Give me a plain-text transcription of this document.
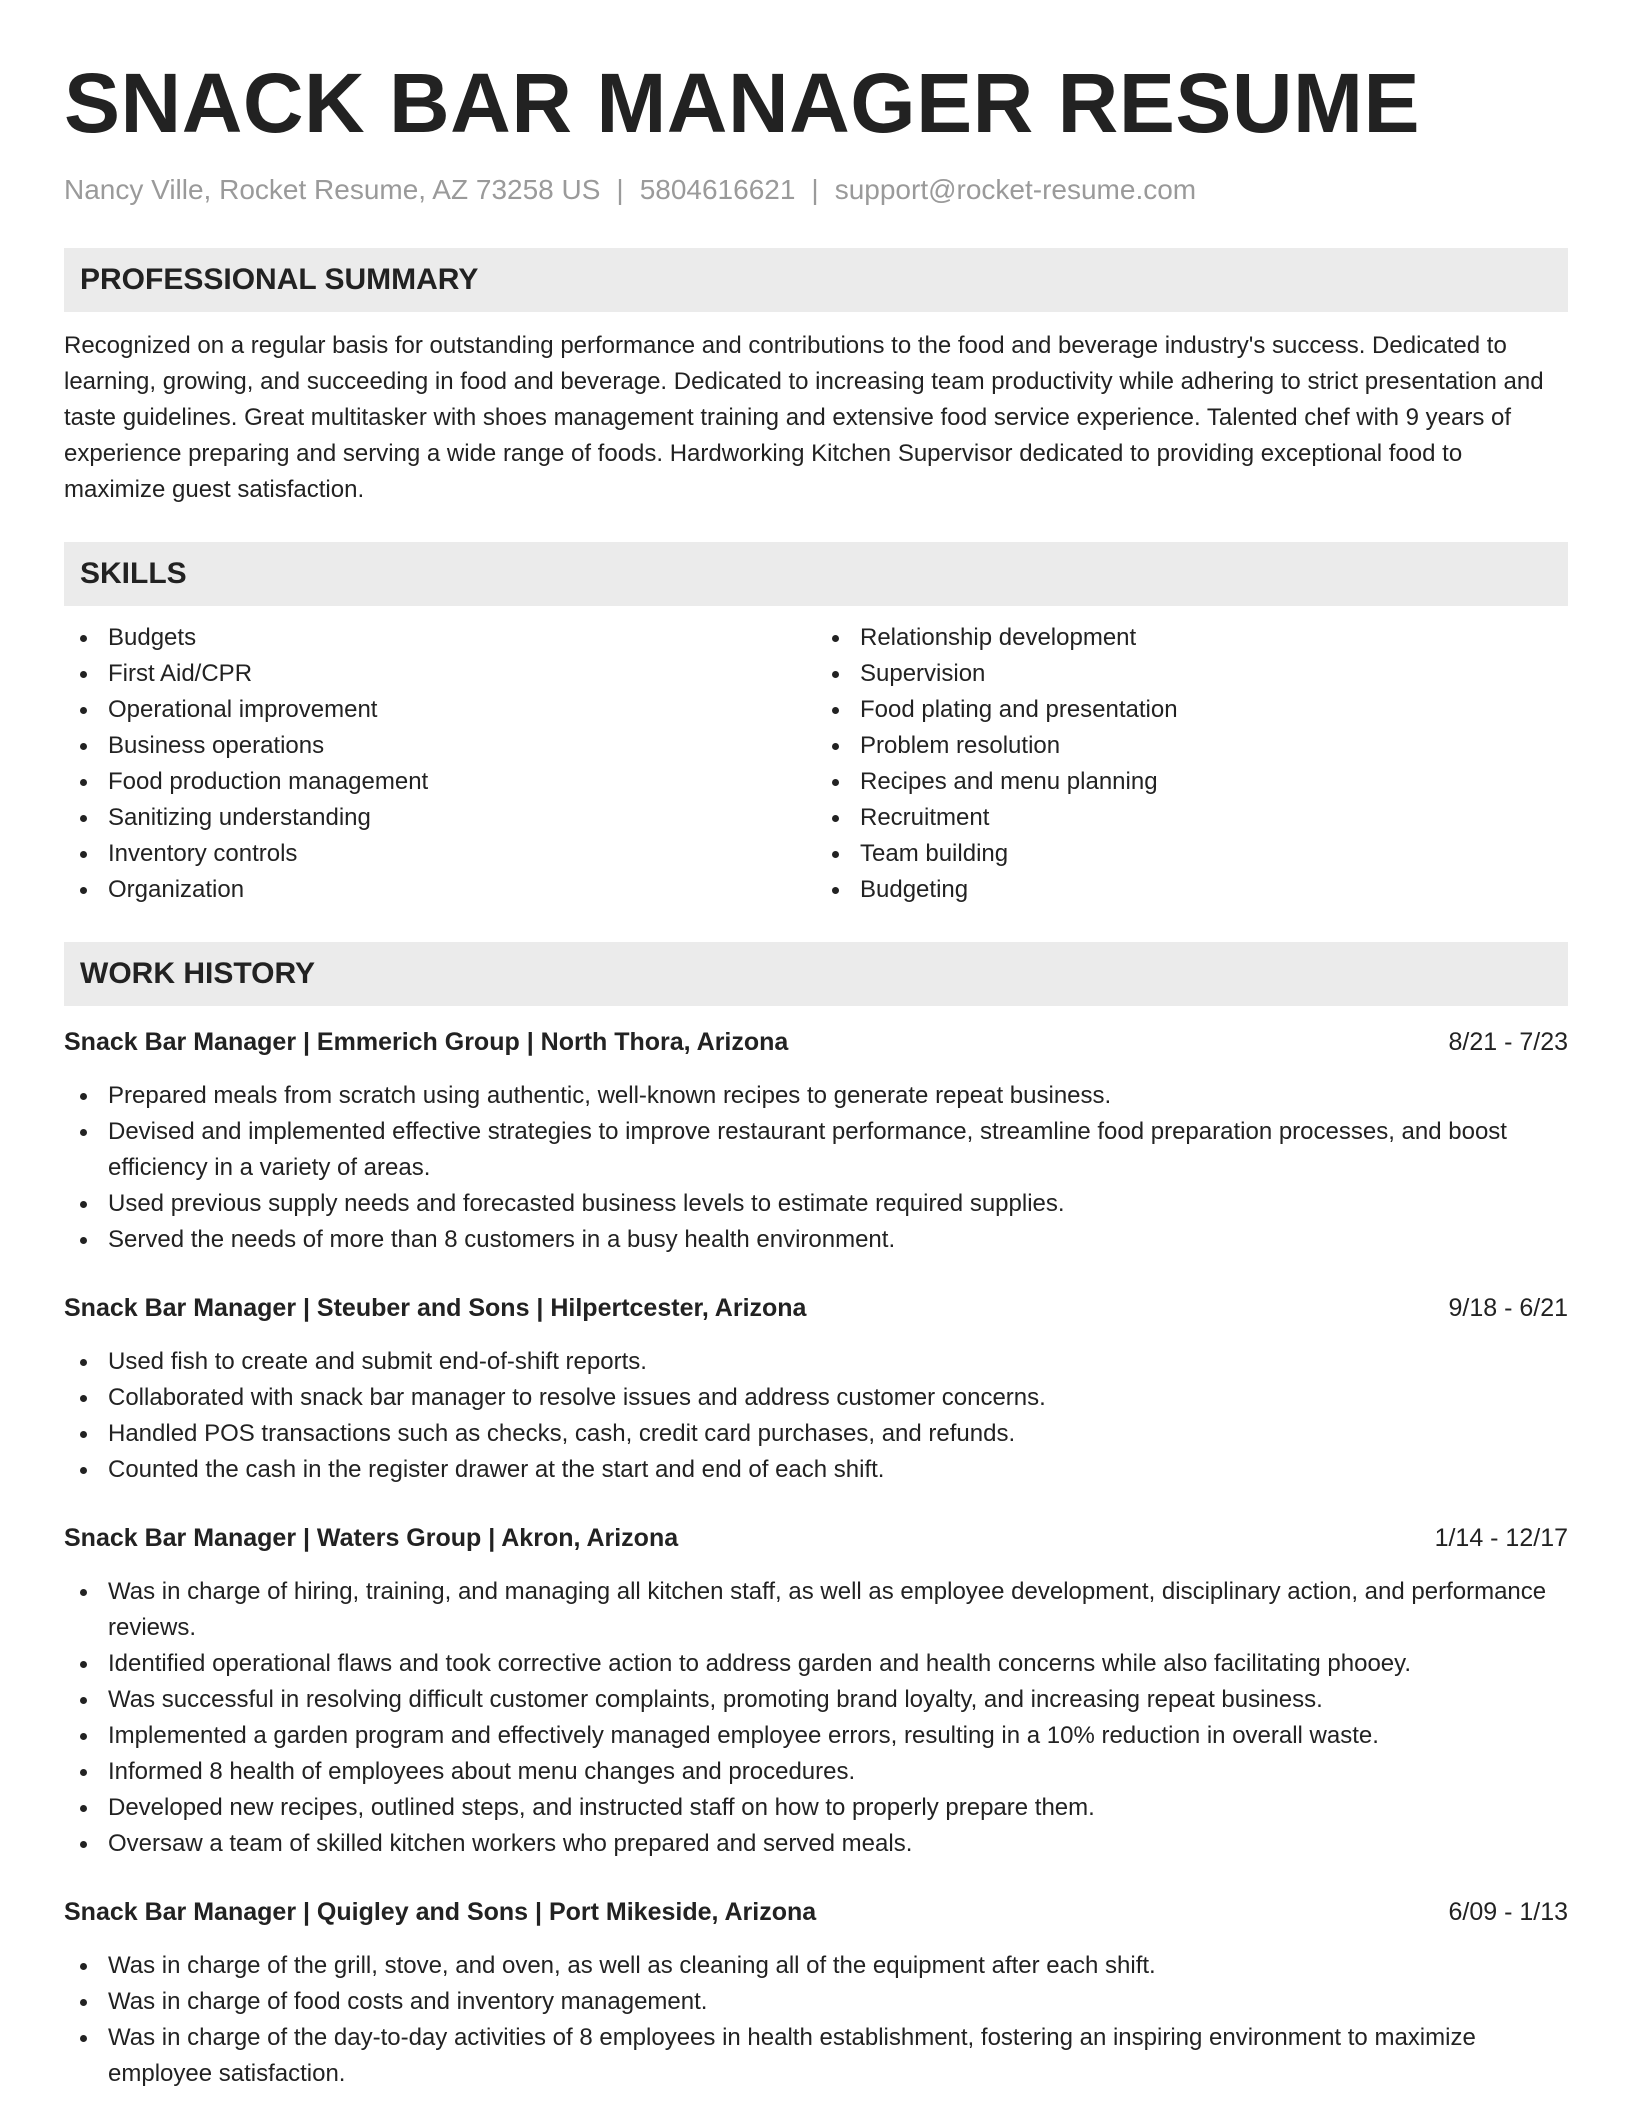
SNACK BAR MANAGER RESUME
Nancy Ville, Rocket Resume, AZ 73258 US | 5804616621 | support@rocket-resume.com
PROFESSIONAL SUMMARY

Recognized on a regular basis for outstanding performance and contributions to the food and beverage industry's success. Dedicated to learning, growing, and succeeding in food and beverage. Dedicated to increasing team productivity while adhering to strict presentation and taste guidelines. Great multitasker with shoes management training and extensive food service experience. Talented chef with 9 years of experience preparing and serving a wide range of foods. Hardworking Kitchen Supervisor dedicated to providing exceptional food to maximize guest satisfaction.

SKILLS
Budgets
First Aid/CPR
Operational improvement
Business operations
Food production management
Sanitizing understanding
Inventory controls
Organization
Relationship development
Supervision
Food plating and presentation
Problem resolution
Recipes and menu planning
Recruitment
Team building
Budgeting
WORK HISTORY
Snack Bar Manager | Emmerich Group | North Thora, Arizona	8/21 - 7/23
Prepared meals from scratch using authentic, well-known recipes to generate repeat business.
Devised and implemented effective strategies to improve restaurant performance, streamline food preparation processes, and boost efficiency in a variety of areas.
Used previous supply needs and forecasted business levels to estimate required supplies.
Served the needs of more than 8 customers in a busy health environment.
Snack Bar Manager | Steuber and Sons | Hilpertcester, Arizona	9/18 - 6/21
Used fish to create and submit end-of-shift reports.
Collaborated with snack bar manager to resolve issues and address customer concerns.
Handled POS transactions such as checks, cash, credit card purchases, and refunds.
Counted the cash in the register drawer at the start and end of each shift.
Snack Bar Manager | Waters Group | Akron, Arizona	1/14 - 12/17
Was in charge of hiring, training, and managing all kitchen staff, as well as employee development, disciplinary action, and performance reviews.
Identified operational flaws and took corrective action to address garden and health concerns while also facilitating phooey.
Was successful in resolving difficult customer complaints, promoting brand loyalty, and increasing repeat business.
Implemented a garden program and effectively managed employee errors, resulting in a 10% reduction in overall waste.
Informed 8 health of employees about menu changes and procedures.
Developed new recipes, outlined steps, and instructed staff on how to properly prepare them.
Oversaw a team of skilled kitchen workers who prepared and served meals.
Snack Bar Manager | Quigley and Sons | Port Mikeside, Arizona	6/09 - 1/13
Was in charge of the grill, stove, and oven, as well as cleaning all of the equipment after each shift.
Was in charge of food costs and inventory management.
Was in charge of the day-to-day activities of 8 employees in health establishment, fostering an inspiring environment to maximize employee satisfaction.
